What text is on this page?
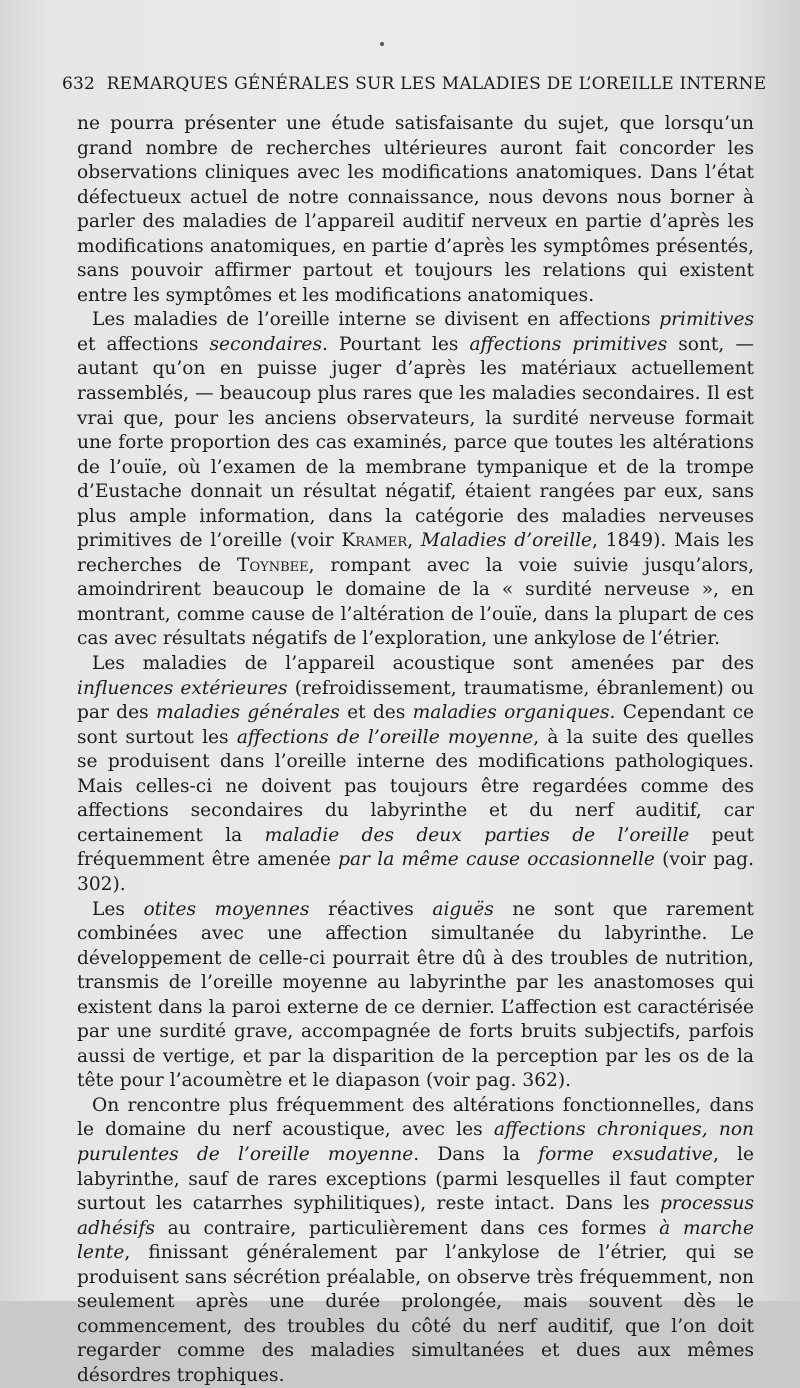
632 REMARQUES GÉNÉRALES SUR LES MALADIES DE L’OREILLE INTERNE

ne pourra présenter une étude satisfaisante du sujet, que lorsqu’un grand nombre de recherches ultérieures auront fait concorder les observations cliniques avec les modifications anatomiques. Dans l’état défectueux actuel de notre connaissance, nous devons nous borner à parler des maladies de l’appareil auditif nerveux en partie d’après les modifications anatomiques, en partie d’après les symptômes présentés, sans pouvoir affirmer partout et toujours les relations qui existent entre les symptômes et les modifications anatomiques.

Les maladies de l’oreille interne se divisent en affections primitives et affections secondaires. Pourtant les affections primitives sont, — autant qu’on en puisse juger d’après les matériaux actuellement rassemblés, — beaucoup plus rares que les maladies secondaires. Il est vrai que, pour les anciens observateurs, la surdité nerveuse formait une forte proportion des cas examinés, parce que toutes les altérations de l’ouïe, où l’examen de la membrane tympanique et de la trompe d’Eustache donnait un résultat négatif, étaient rangées par eux, sans plus ample information, dans la catégorie des maladies nerveuses primitives de l’oreille (voir Kramer, Maladies d’oreille, 1849). Mais les recherches de Toynbee, rompant avec la voie suivie jusqu’alors, amoindrirent beaucoup le domaine de la « surdité nerveuse », en montrant, comme cause de l’altération de l’ouïe, dans la plupart de ces cas avec résultats négatifs de l’exploration, une ankylose de l’étrier.

Les maladies de l’appareil acoustique sont amenées par des influences extérieures (refroidissement, traumatisme, ébranlement) ou par des maladies générales et des maladies organiques. Cependant ce sont surtout les affections de l’oreille moyenne, à la suite des quelles se produisent dans l’oreille interne des modifications pathologiques. Mais celles-ci ne doivent pas toujours être regardées comme des affections secondaires du labyrinthe et du nerf auditif, car certainement la maladie des deux parties de l’oreille peut fréquemment être amenée par la même cause occasionnelle (voir pag. 302).

Les otites moyennes réactives aiguës ne sont que rarement combinées avec une affection simultanée du labyrinthe. Le développement de celle-ci pourrait être dû à des troubles de nutrition, transmis de l’oreille moyenne au labyrinthe par les anastomoses qui existent dans la paroi externe de ce dernier. L’affection est caractérisée par une surdité grave, accompagnée de forts bruits subjectifs, parfois aussi de vertige, et par la disparition de la perception par les os de la tête pour l’acoumètre et le diapason (voir pag. 362).

On rencontre plus fréquemment des altérations fonctionnelles, dans le domaine du nerf acoustique, avec les affections chroniques, non purulentes de l’oreille moyenne. Dans la forme exsudative, le labyrinthe, sauf de rares exceptions (parmi lesquelles il faut compter surtout les catarrhes syphilitiques), reste intact. Dans les processus adhésifs au contraire, particulièrement dans ces formes à marche lente, finissant généralement par l’ankylose de l’étrier, qui se produisent sans sécrétion préalable, on observe très fréquemment, non seulement après une durée prolongée, mais souvent dès le commencement, des troubles du côté du nerf auditif, que l’on doit regarder comme des maladies simultanées et dues aux mêmes désordres trophiques.
